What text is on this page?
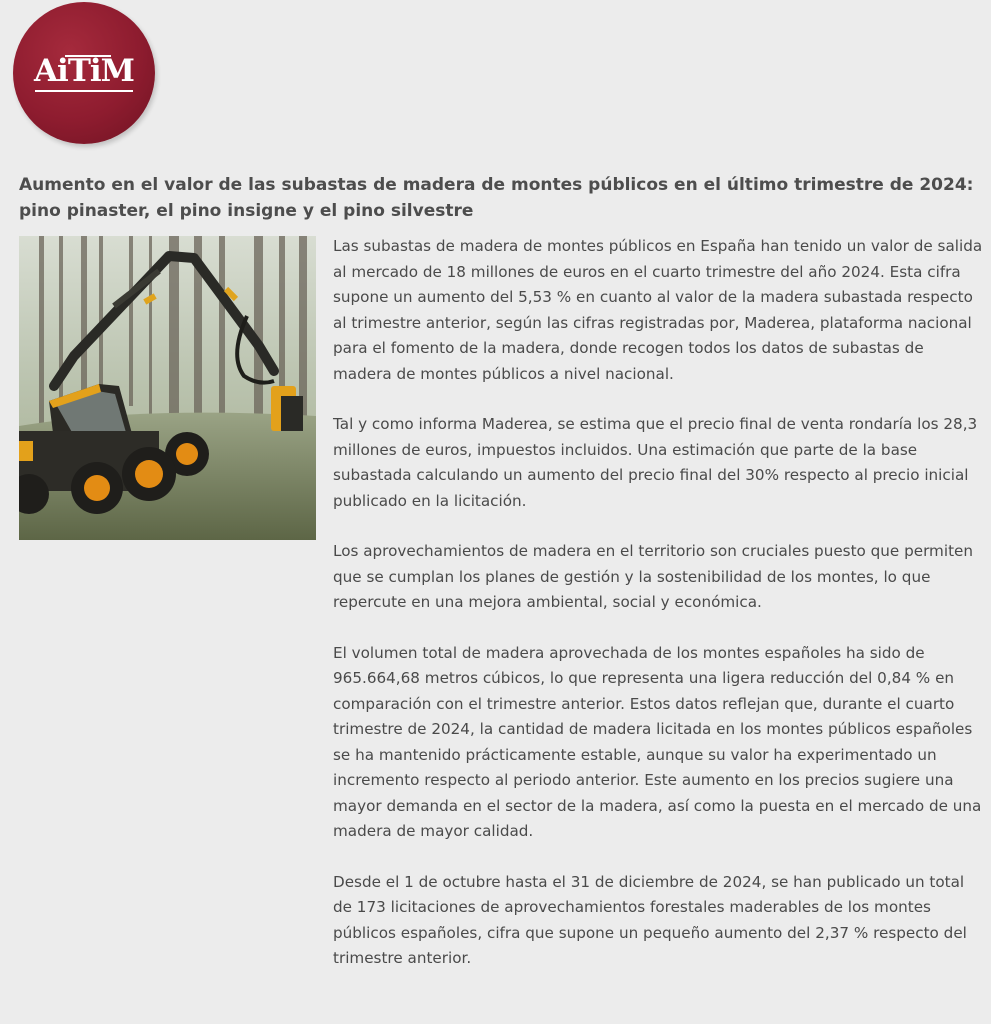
AiTiM
Aumento en el valor de las subastas de madera de montes públicos en el último trimestre de 2024: pino pinaster, el pino insigne y el pino silvestre

Las subastas de madera de montes públicos en España han tenido un valor de salida al mercado de 18 millones de euros en el cuarto trimestre del año 2024. Esta cifra supone un aumento del 5,53 % en cuanto al valor de la madera subastada respecto al trimestre anterior, según las cifras registradas por, Maderea, plataforma nacional para el fomento de la madera, donde recogen todos los datos de subastas de madera de montes públicos a nivel nacional.

Tal y como informa Maderea, se estima que el precio final de venta rondaría los 28,3 millones de euros, impuestos incluidos. Una estimación que parte de la base subastada calculando un aumento del precio final del 30% respecto al precio inicial publicado en la licitación.

Los aprovechamientos de madera en el territorio son cruciales puesto que permiten que se cumplan los planes de gestión y la sostenibilidad de los montes, lo que repercute en una mejora ambiental, social y económica.

El volumen total de madera aprovechada de los montes españoles ha sido de 965.664,68 metros cúbicos, lo que representa una ligera reducción del 0,84 % en comparación con el trimestre anterior. Estos datos reflejan que, durante el cuarto trimestre de 2024, la cantidad de madera licitada en los montes públicos españoles se ha mantenido prácticamente estable, aunque su valor ha experimentado un incremento respecto al periodo anterior. Este aumento en los precios sugiere una mayor demanda en el sector de la madera, así como la puesta en el mercado de una madera de mayor calidad.

Desde el 1 de octubre hasta el 31 de diciembre de 2024, se han publicado un total de 173 licitaciones de aprovechamientos forestales maderables de los montes públicos españoles, cifra que supone un pequeño aumento del 2,37 % respecto del trimestre anterior.
